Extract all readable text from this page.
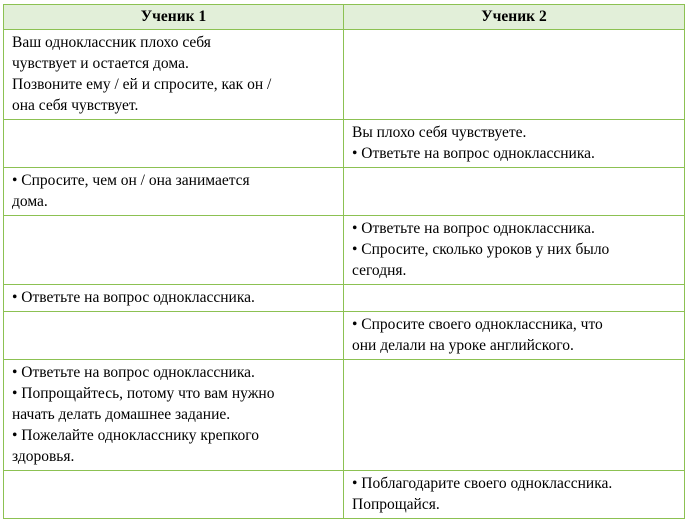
Ученик 1	Ученик 2

Ваш одноклассник плохо себя
чувствует и остается дома.
Позвоните ему / ей и спросите, как он /
она себя чувствует.	

	Вы плохо себя чувствуете.
• Ответьте на вопрос одноклассника.

• Спросите, чем он / она занимается
дома.	

	• Ответьте на вопрос одноклассника.
• Спросите, сколько уроков у них было
сегодня.

• Ответьте на вопрос одноклассника.	

	• Спросите своего одноклассника, что
они делали на уроке английского.

• Ответьте на вопрос одноклассника.
• Попрощайтесь, потому что вам нужно
начать делать домашнее задание.
• Пожелайте однокласснику крепкого
здоровья.	

	• Поблагодарите своего одноклассника.
Попрощайся.
